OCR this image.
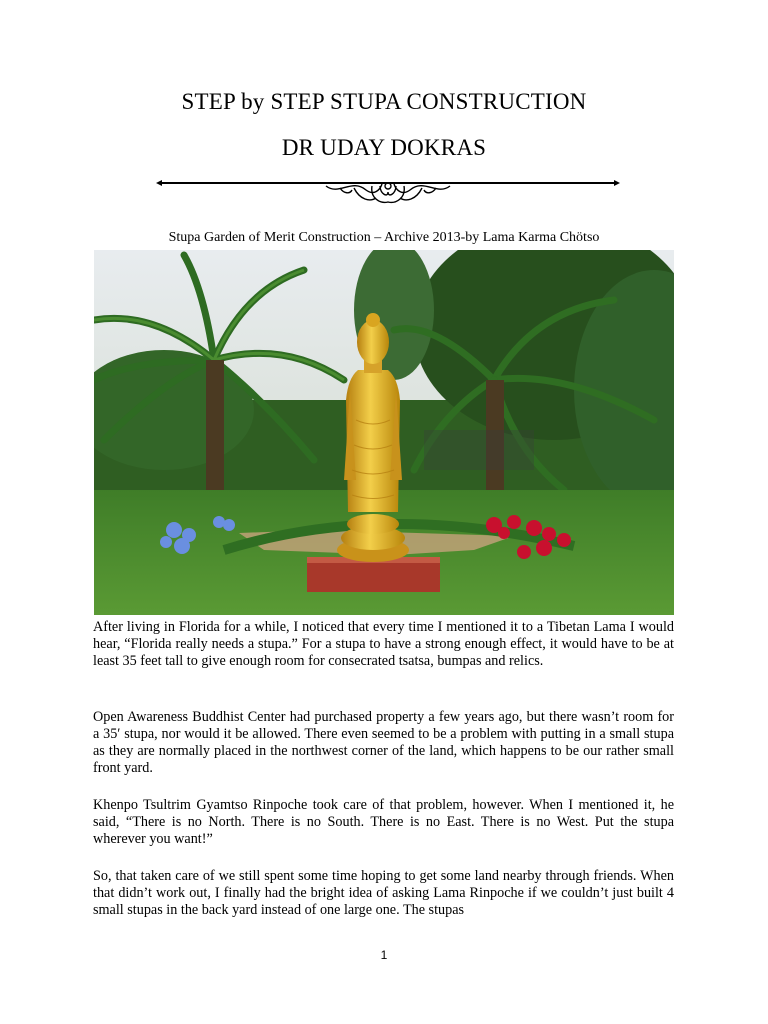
STEP by STEP STUPA CONSTRUCTION
DR UDAY DOKRAS
Stupa Garden of Merit Construction – Archive 2013-by Lama Karma Chötso

After living in Florida for a while, I noticed that every time I mentioned it to a Tibetan Lama I would hear, “Florida really needs a stupa.” For a stupa to have a strong enough effect, it would have to be at least 35 feet tall to give enough room for consecrated tsatsa, bumpas and relics.

Open Awareness Buddhist Center had purchased property a few years ago, but there wasn’t room for a 35′ stupa, nor would it be allowed. There even seemed to be a problem with putting in a small stupa as they are normally placed in the northwest corner of the land, which happens to be our rather small front yard.

Khenpo Tsultrim Gyamtso Rinpoche took care of that problem, however. When I mentioned it, he said, “There is no North. There is no South. There is no East. There is no West. Put the stupa wherever you want!”

So, that taken care of we still spent some time hoping to get some land nearby through friends. When that didn’t work out, I finally had the bright idea of asking Lama Rinpoche if we couldn’t just built 4 small stupas in the back yard instead of one large one. The stupas

1
